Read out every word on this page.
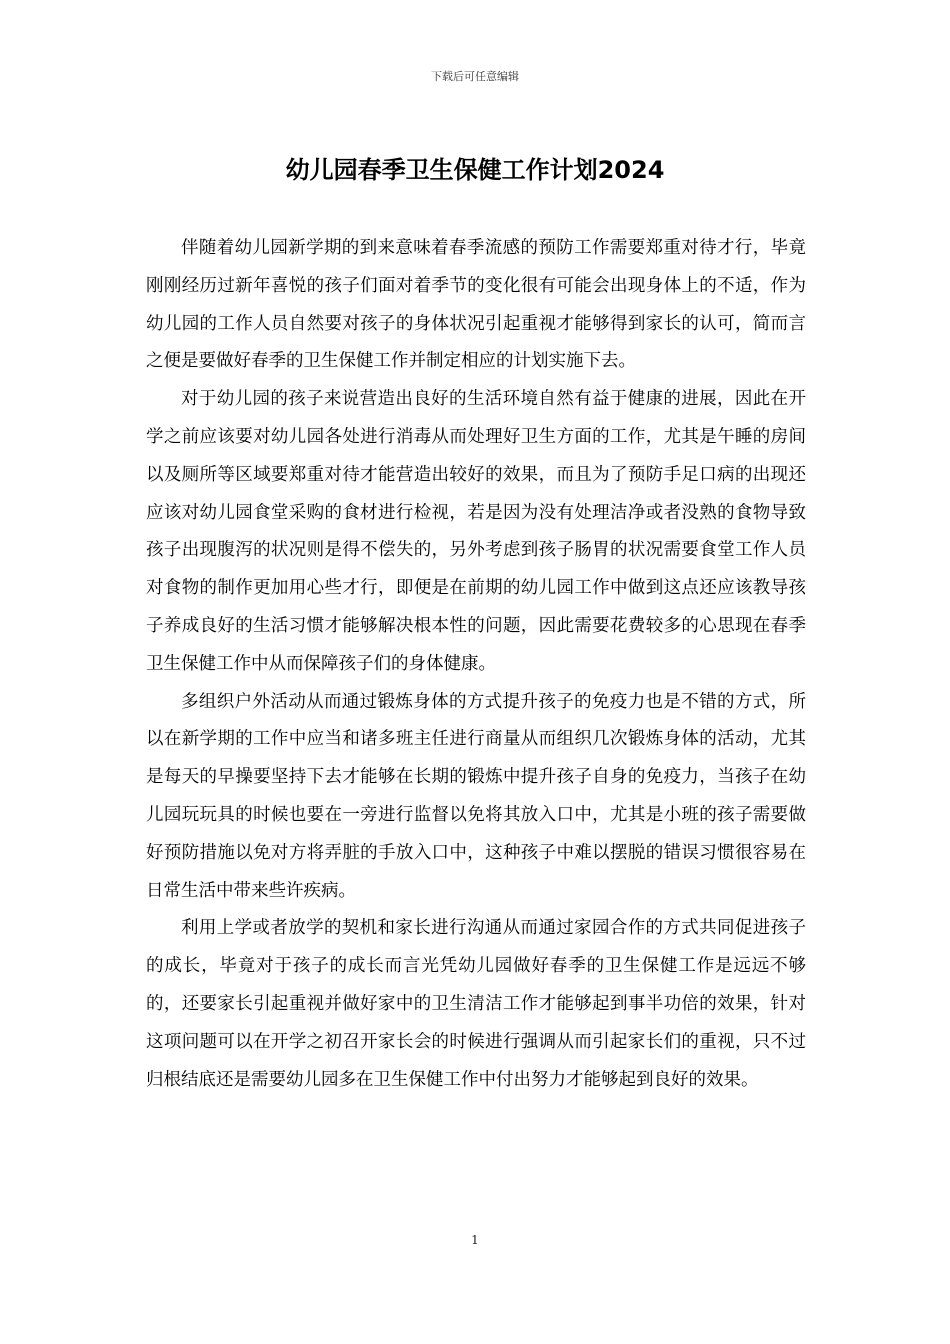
下载后可任意编辑
幼儿园春季卫生保健工作计划2024

伴随着幼儿园新学期的到来意味着春季流感的预防工作需要郑重对待才行，毕竟刚刚经历过新年喜悦的孩子们面对着季节的变化很有可能会出现身体上的不适，作为幼儿园的工作人员自然要对孩子的身体状况引起重视才能够得到家长的认可，简而言之便是要做好春季的卫生保健工作并制定相应的计划实施下去。

对于幼儿园的孩子来说营造出良好的生活环境自然有益于健康的进展，因此在开学之前应该要对幼儿园各处进行消毒从而处理好卫生方面的工作，尤其是午睡的房间以及厕所等区域要郑重对待才能营造出较好的效果，而且为了预防手足口病的出现还应该对幼儿园食堂采购的食材进行检视，若是因为没有处理洁净或者没熟的食物导致孩子出现腹泻的状况则是得不偿失的，另外考虑到孩子肠胃的状况需要食堂工作人员对食物的制作更加用心些才行，即便是在前期的幼儿园工作中做到这点还应该教导孩子养成良好的生活习惯才能够解决根本性的问题，因此需要花费较多的心思现在春季卫生保健工作中从而保障孩子们的身体健康。

多组织户外活动从而通过锻炼身体的方式提升孩子的免疫力也是不错的方式，所以在新学期的工作中应当和诸多班主任进行商量从而组织几次锻炼身体的活动，尤其是每天的早操要坚持下去才能够在长期的锻炼中提升孩子自身的免疫力，当孩子在幼儿园玩玩具的时候也要在一旁进行监督以免将其放入口中，尤其是小班的孩子需要做好预防措施以免对方将弄脏的手放入口中，这种孩子中难以摆脱的错误习惯很容易在日常生活中带来些许疾病。

利用上学或者放学的契机和家长进行沟通从而通过家园合作的方式共同促进孩子的成长，毕竟对于孩子的成长而言光凭幼儿园做好春季的卫生保健工作是远远不够的，还要家长引起重视并做好家中的卫生清洁工作才能够起到事半功倍的效果，针对这项问题可以在开学之初召开家长会的时候进行强调从而引起家长们的重视，只不过归根结底还是需要幼儿园多在卫生保健工作中付出努力才能够起到良好的效果。

1
